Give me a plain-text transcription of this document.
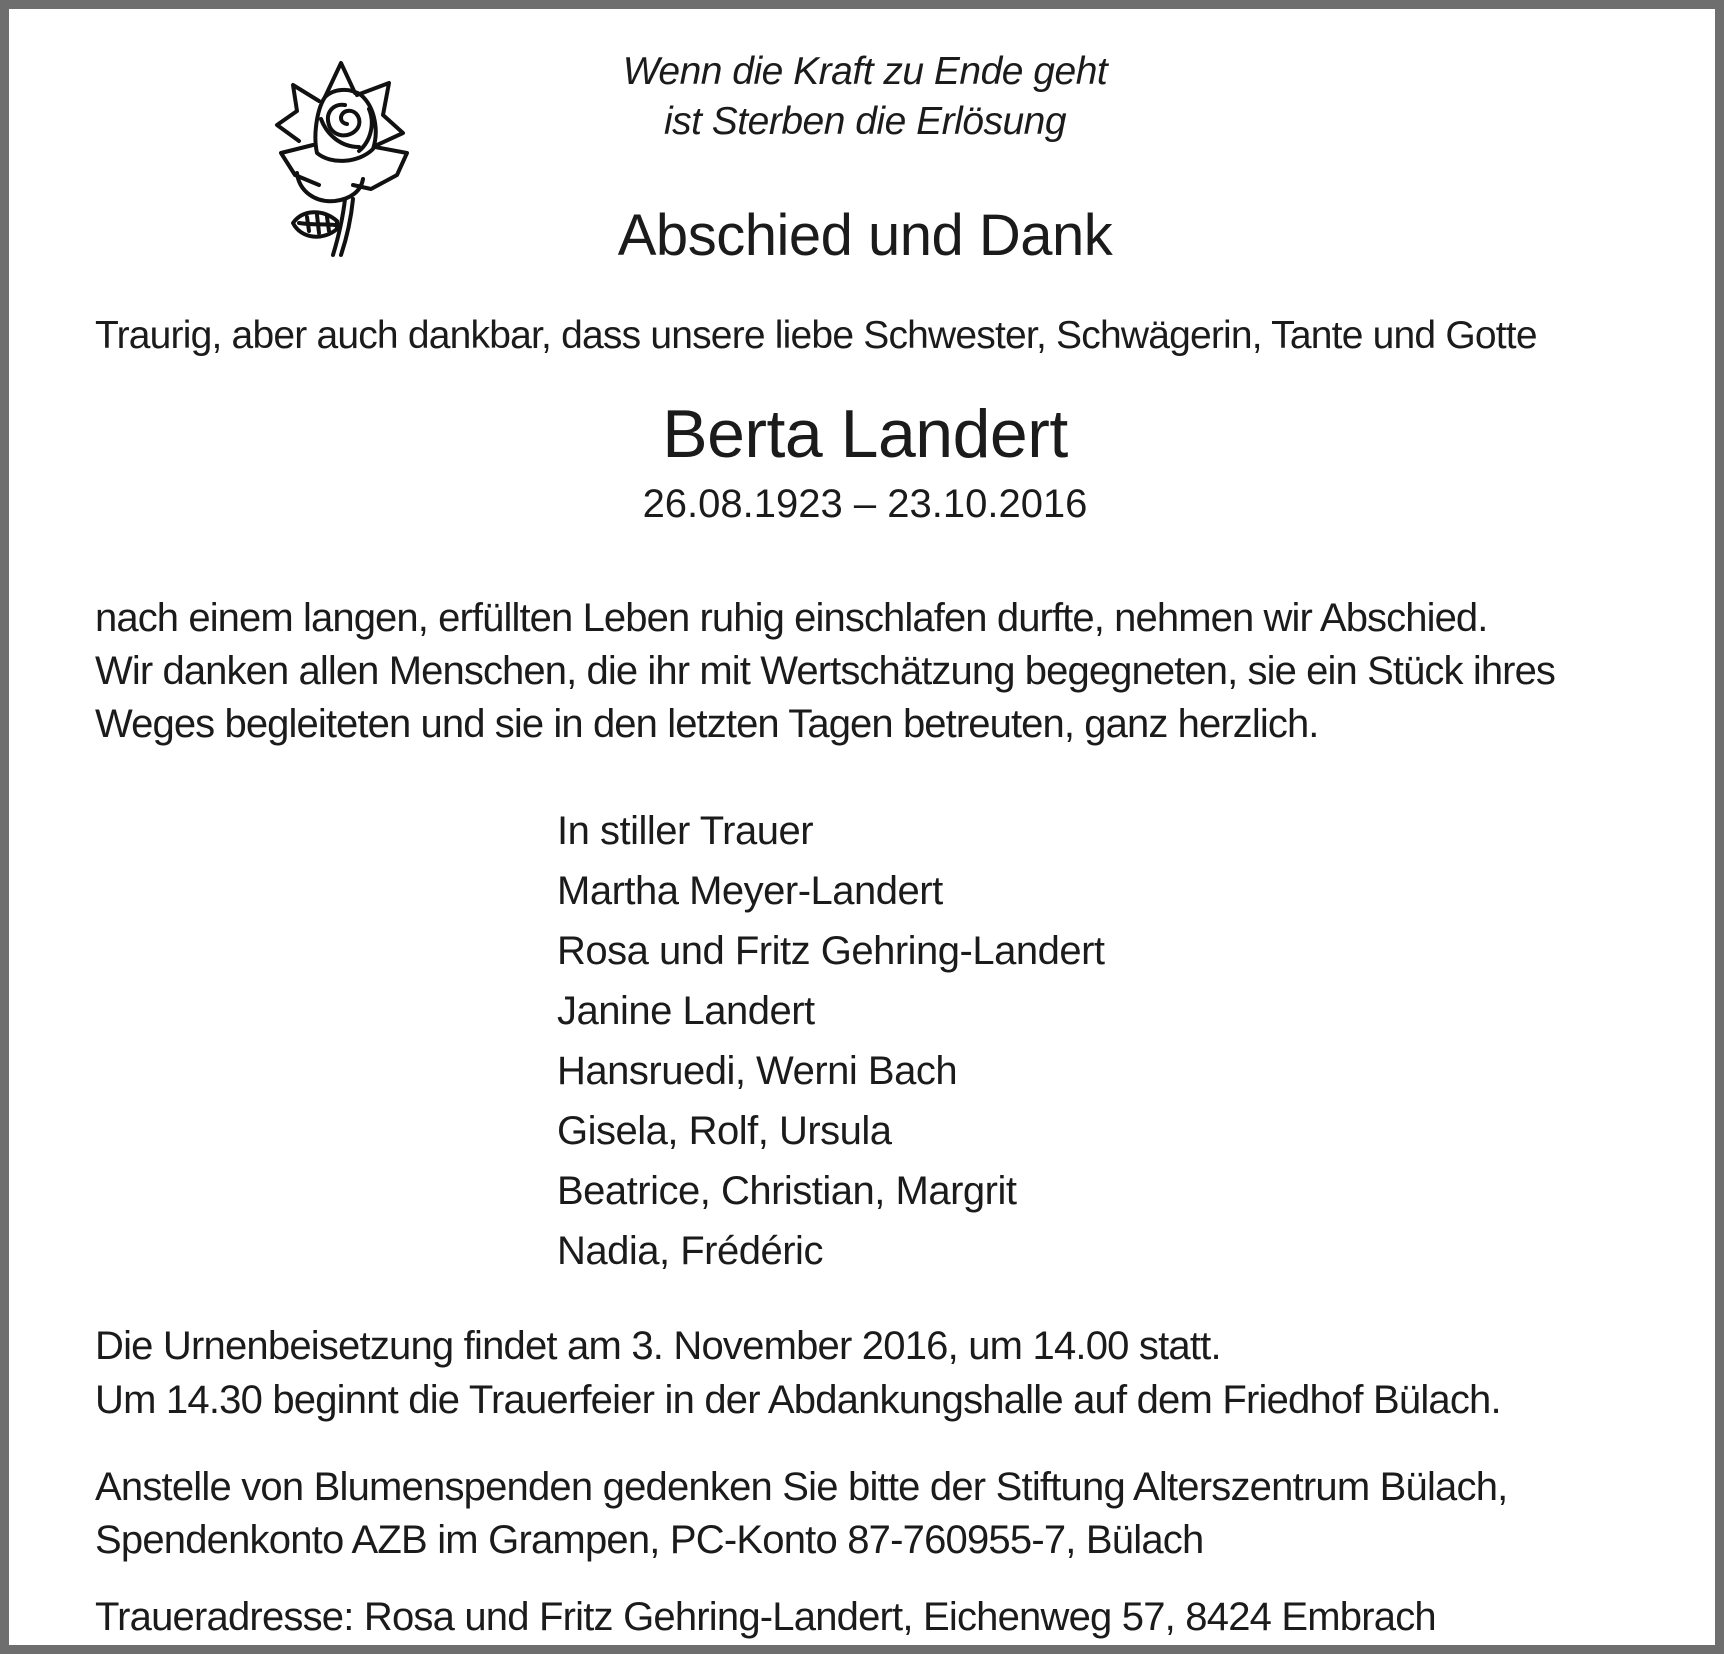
Wenn die Kraft zu Ende geht
ist Sterben die Erlösung
Abschied und Dank
Traurig, aber auch dankbar, dass unsere liebe Schwester, Schwägerin, Tante und Gotte
Berta Landert
26.08.1923 – 23.10.2016
nach einem langen, erfüllten Leben ruhig einschlafen durfte, nehmen wir Abschied.
Wir danken allen Menschen, die ihr mit Wertschätzung begegneten, sie ein Stück ihres
Weges begleiteten und sie in den letzten Tagen betreuten, ganz herzlich.
In stiller Trauer
Martha Meyer-Landert
Rosa und Fritz Gehring-Landert
Janine Landert
Hansruedi, Werni Bach
Gisela, Rolf, Ursula
Beatrice, Christian, Margrit
Nadia, Frédéric
Die Urnenbeisetzung findet am 3. November 2016, um 14.00 statt.
Um 14.30 beginnt die Trauerfeier in der Abdankungshalle auf dem Friedhof Bülach.
Anstelle von Blumenspenden gedenken Sie bitte der Stiftung Alterszentrum Bülach,
Spendenkonto AZB im Grampen, PC-Konto 87-760955-7, Bülach
Traueradresse: Rosa und Fritz Gehring-Landert, Eichenweg 57, 8424 Embrach
